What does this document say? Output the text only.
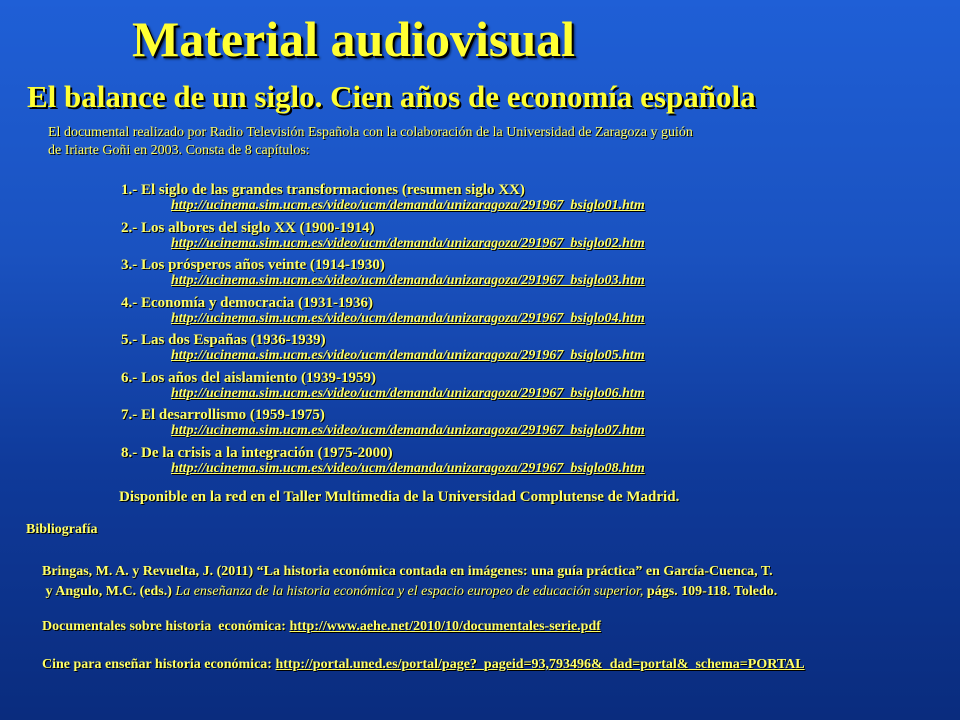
Material audiovisual
El balance de un siglo. Cien años de economía española
El documental realizado por Radio Televisión Española con la colaboración de la Universidad de Zaragoza y guión
de Iriarte Goñi en 2003. Consta de 8 capítulos:
1.- El siglo de las grandes transformaciones (resumen siglo XX)
http://ucinema.sim.ucm.es/video/ucm/demanda/unizaragoza/291967_bsiglo01.htm
2.- Los albores del siglo XX (1900-1914)
http://ucinema.sim.ucm.es/video/ucm/demanda/unizaragoza/291967_bsiglo02.htm
3.- Los prósperos años veinte (1914-1930)
http://ucinema.sim.ucm.es/video/ucm/demanda/unizaragoza/291967_bsiglo03.htm
4.- Economía y democracia (1931-1936)
http://ucinema.sim.ucm.es/video/ucm/demanda/unizaragoza/291967_bsiglo04.htm
5.- Las dos Españas (1936-1939)
http://ucinema.sim.ucm.es/video/ucm/demanda/unizaragoza/291967_bsiglo05.htm
6.- Los años del aislamiento (1939-1959)
http://ucinema.sim.ucm.es/video/ucm/demanda/unizaragoza/291967_bsiglo06.htm
7.- El desarrollismo (1959-1975)
http://ucinema.sim.ucm.es/video/ucm/demanda/unizaragoza/291967_bsiglo07.htm
8.- De la crisis a la integración (1975-2000)
http://ucinema.sim.ucm.es/video/ucm/demanda/unizaragoza/291967_bsiglo08.htm
Disponible en la red en el Taller Multimedia de la Universidad Complutense de Madrid.
Bibliografía
Bringas, M. A. y Revuelta, J. (2011) “La historia económica contada en imágenes: una guía práctica” en García-Cuenca, T.
y Angulo, M.C. (eds.) La enseñanza de la historia económica y el espacio europeo de educación superior, págs. 109-118. Toledo.
Documentales sobre historia  económica: http://www.aehe.net/2010/10/documentales-serie.pdf
Cine para enseñar historia económica: http://portal.uned.es/portal/page?_pageid=93,793496&_dad=portal&_schema=PORTAL
